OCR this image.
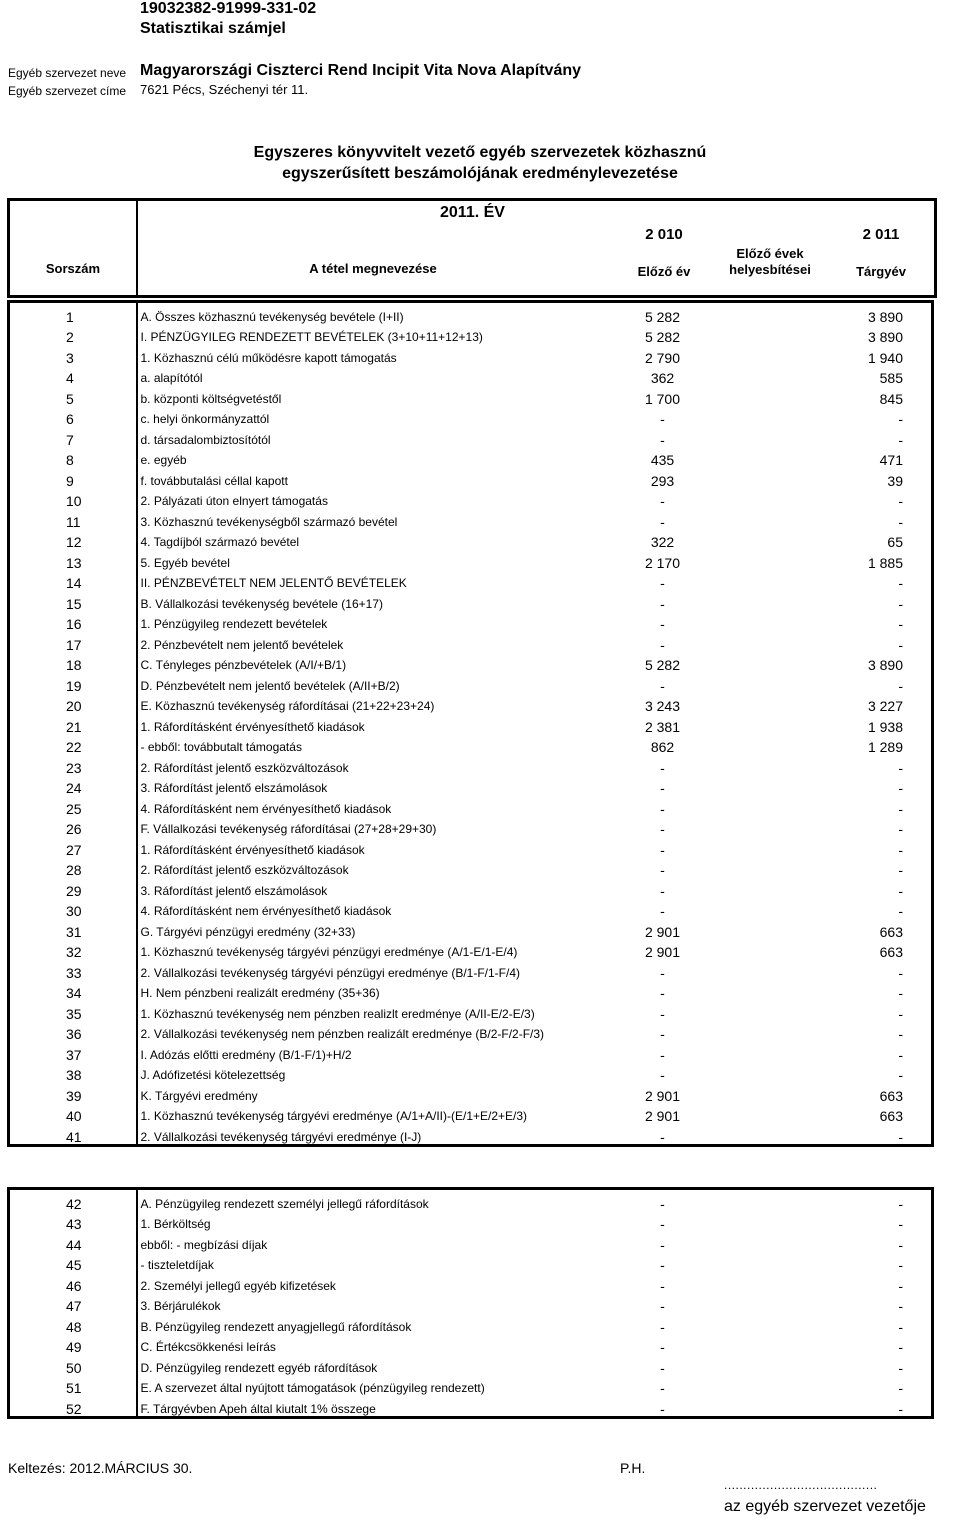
19032382-91999-331-02
Statisztikai számjel
Egyéb szervezet neve Magyarországi Ciszterci Rend Incipit Vita Nova Alapítvány
Egyéb szervezet címe 7621 Pécs, Széchenyi tér 11.
Egyszeres könyvvitelt vezető egyéb szervezetek közhasznú
egyszerűsített beszámolójának eredménylevezetése
2011. ÉV
Sorszám	A tétel megnevezése
2 010	2 011
Előző év
Előző évek
helyesbítései	Tárgyév
1	A. Összes közhasznú tevékenység bevétele (I+II)	5 282		3 890
2	I. PÉNZÜGYILEG RENDEZETT BEVÉTELEK (3+10+11+12+13)	5 282		3 890
3	1. Közhasznú célú működésre kapott támogatás	2 790		1 940
4	a. alapítótól	362		585
5	b. központi költségvetéstől	1 700		845
6	c. helyi önkormányzattól	-		-
7	d. társadalombiztosítótól	-		-
8	e. egyéb	435		471
9	f. továbbutalási céllal kapott	293		39
10	2. Pályázati úton elnyert támogatás	-		-
11	3. Közhasznú tevékenységből származó bevétel	-		-
12	4. Tagdíjból származó bevétel	322		65
13	5. Egyéb bevétel	2 170		1 885
14	II. PÉNZBEVÉTELT NEM JELENTŐ BEVÉTELEK	-		-
15	B. Vállalkozási tevékenység bevétele (16+17)	-		-
16	1. Pénzügyileg rendezett bevételek	-		-
17	2. Pénzbevételt nem jelentő bevételek	-		-
18	C. Tényleges pénzbevételek (A/I/+B/1)	5 282		3 890
19	D. Pénzbevételt nem jelentő bevételek (A/II+B/2)	-		-
20	E. Közhasznú tevékenység ráfordításai (21+22+23+24)	3 243		3 227
21	1. Ráfordításként érvényesíthető kiadások	2 381		1 938
22	- ebből: továbbutalt támogatás	862		1 289
23	2. Ráfordítást jelentő eszközváltozások	-		-
24	3. Ráfordítást jelentő elszámolások	-		-
25	4. Ráfordításként nem érvényesíthető kiadások	-		-
26	F. Vállalkozási tevékenység ráfordításai (27+28+29+30)	-		-
27	1. Ráfordításként érvényesíthető kiadások	-		-
28	2. Ráfordítást jelentő eszközváltozások	-		-
29	3. Ráfordítást jelentő elszámolások	-		-
30	4. Ráfordításként nem érvényesíthető kiadások	-		-
31	G. Tárgyévi pénzügyi eredmény (32+33)	2 901		663
32	1. Közhasznú tevékenység tárgyévi pénzügyi eredménye (A/1-E/1-E/4)	2 901		663
33	2. Vállalkozási tevékenység tárgyévi pénzügyi eredménye (B/1-F/1-F/4)	-		-
34	H. Nem pénzbeni realizált eredmény (35+36)	-		-
35	1. Közhasznú tevékenység nem pénzben realizlt eredménye (A/II-E/2-E/3)	-		-
36	2. Vállalkozási tevékenység nem pénzben realizált eredménye (B/2-F/2-F/3)	-		-
37	I. Adózás előtti eredmény (B/1-F/1)+H/2	-		-
38	J. Adófizetési kötelezettség	-		-
39	K. Tárgyévi eredmény	2 901		663
40	1. Közhasznú tevékenység tárgyévi eredménye (A/1+A/II)-(E/1+E/2+E/3)	2 901		663
41	2. Vállalkozási tevékenység tárgyévi eredménye (I-J)	-		-
42	A. Pénzügyileg rendezett személyi jellegű ráfordítások	-		-
43	1. Bérköltség	-		-
44	ebből: - megbízási díjak	-		-
45	- tiszteletdíjak	-		-
46	2. Személyi jellegű egyéb kifizetések	-		-
47	3. Bérjárulékok	-		-
48	B. Pénzügyileg rendezett anyagjellegű ráfordítások	-		-
49	C. Értékcsökkenési leírás	-		-
50	D. Pénzügyileg rendezett egyéb ráfordítások	-		-
51	E. A szervezet által nyújtott támogatások (pénzügyileg rendezett)	-		-
52	F. Tárgyévben Apeh által kiutalt 1% összege	-		-
Keltezés: 2012.MÁRCIUS 30.	P.H.
........................................
az egyéb szervezet vezetője
